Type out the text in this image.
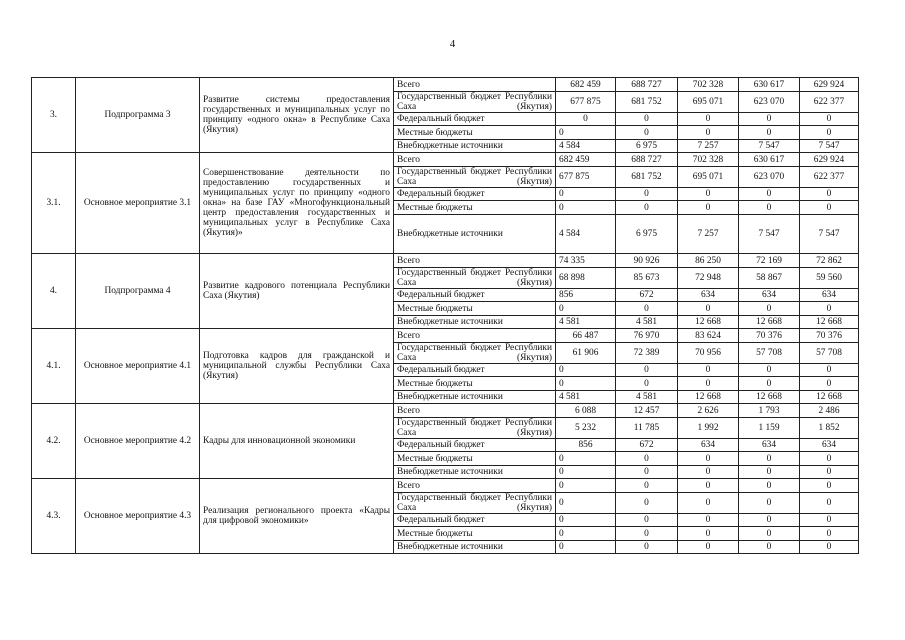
4
3.	Подпрограмма 3	Развитие системы предоставления государственных и муниципальных услуг по принципу «одного окна» в Республике Саха (Якутия)	Всего	682 459	688 727	702 328	630 617	629 924
			Государственный бюджет Республики Саха (Якутия)	677 875	681 752	695 071	623 070	622 377
			Федеральный бюджет	0	0	0	0	0
			Местные бюджеты	0	0	0	0	0
			Внебюджетные источники	4 584	6 975	7 257	7 547	7 547
3.1.	Основное мероприятие 3.1	Совершенствование деятельности по предоставлению государственных и муниципальных услуг по принципу «одного окна» на базе ГАУ «Многофункциональный центр предоставления государственных и муниципальных услуг в Республике Саха (Якутия)»	Всего	682 459	688 727	702 328	630 617	629 924
			Государственный бюджет Республики Саха (Якутия)	677 875	681 752	695 071	623 070	622 377
			Федеральный бюджет	0	0	0	0	0
			Местные бюджеты	0	0	0	0	0
			Внебюджетные источники	4 584	6 975	7 257	7 547	7 547
4.	Подпрограмма 4	Развитие кадрового потенциала Республики Саха (Якутия)	Всего	74 335	90 926	86 250	72 169	72 862
			Государственный бюджет Республики Саха (Якутия)	68 898	85 673	72 948	58 867	59 560
			Федеральный бюджет	856	672	634	634	634
			Местные бюджеты	0	0	0	0	0
			Внебюджетные источники	4 581	4 581	12 668	12 668	12 668
4.1.	Основное мероприятие 4.1	Подготовка кадров для гражданской и муниципальной службы Республики Саха (Якутия)	Всего	66 487	76 970	83 624	70 376	70 376
			Государственный бюджет Республики Саха (Якутия)	61 906	72 389	70 956	57 708	57 708
			Федеральный бюджет	0	0	0	0	0
			Местные бюджеты	0	0	0	0	0
			Внебюджетные источники	4 581	4 581	12 668	12 668	12 668
4.2.	Основное мероприятие 4.2	Кадры для инновационной экономики	Всего	6 088	12 457	2 626	1 793	2 486
			Государственный бюджет Республики Саха (Якутия)	5 232	11 785	1 992	1 159	1 852
			Федеральный бюджет	856	672	634	634	634
			Местные бюджеты	0	0	0	0	0
			Внебюджетные источники	0	0	0	0	0
4.3.	Основное мероприятие 4.3	Реализация регионального проекта «Кадры для цифровой экономики»	Всего	0	0	0	0	0
			Государственный бюджет Республики Саха (Якутия)	0	0	0	0	0
			Федеральный бюджет	0	0	0	0	0
			Местные бюджеты	0	0	0	0	0
			Внебюджетные источники	0	0	0	0	0
